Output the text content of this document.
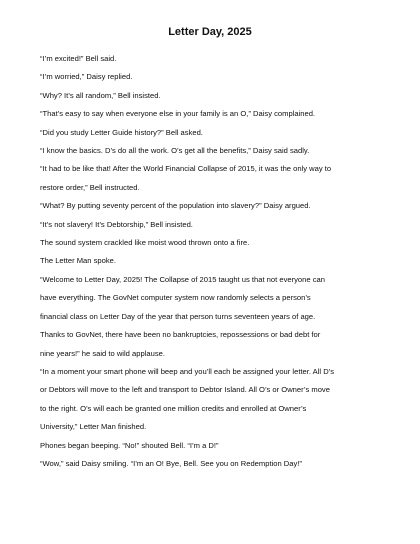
Letter Day, 2025

“I’m excited!” Bell said.

“I’m worried,” Daisy replied.

“Why? It’s all random,” Bell insisted.

“That’s easy to say when everyone else in your family is an O,” Daisy complained.

“Did you study Letter Guide history?” Bell asked.

“I know the basics. D’s do all the work. O’s get all the benefits,” Daisy said sadly.

“It had to be like that! After the World Financial Collapse of 2015, it was the only way to

restore order,” Bell instructed.

“What? By putting seventy percent of the population into slavery?” Daisy argued.

“It’s not slavery! It’s Debtorship,” Bell insisted.

The sound system crackled like moist wood thrown onto a fire.

The Letter Man spoke.

“Welcome to Letter Day, 2025! The Collapse of 2015 taught us that not everyone can

have everything. The GovNet computer system now randomly selects a person’s

financial class on Letter Day of the year that person turns seventeen years of age.

Thanks to GovNet, there have been no bankruptcies, repossessions or bad debt for

nine years!” he said to wild applause.

“In a moment your smart phone will beep and you’ll each be assigned your letter. All D’s

or Debtors will move to the left and transport to Debtor Island. All O’s or Owner’s move

to the right. O’s will each be granted one million credits and enrolled at Owner’s

University,” Letter Man finished.

Phones began beeping. “No!” shouted Bell. “I’m a D!”

“Wow,” said Daisy smiling. “I’m an O! Bye, Bell. See you on Redemption Day!”
